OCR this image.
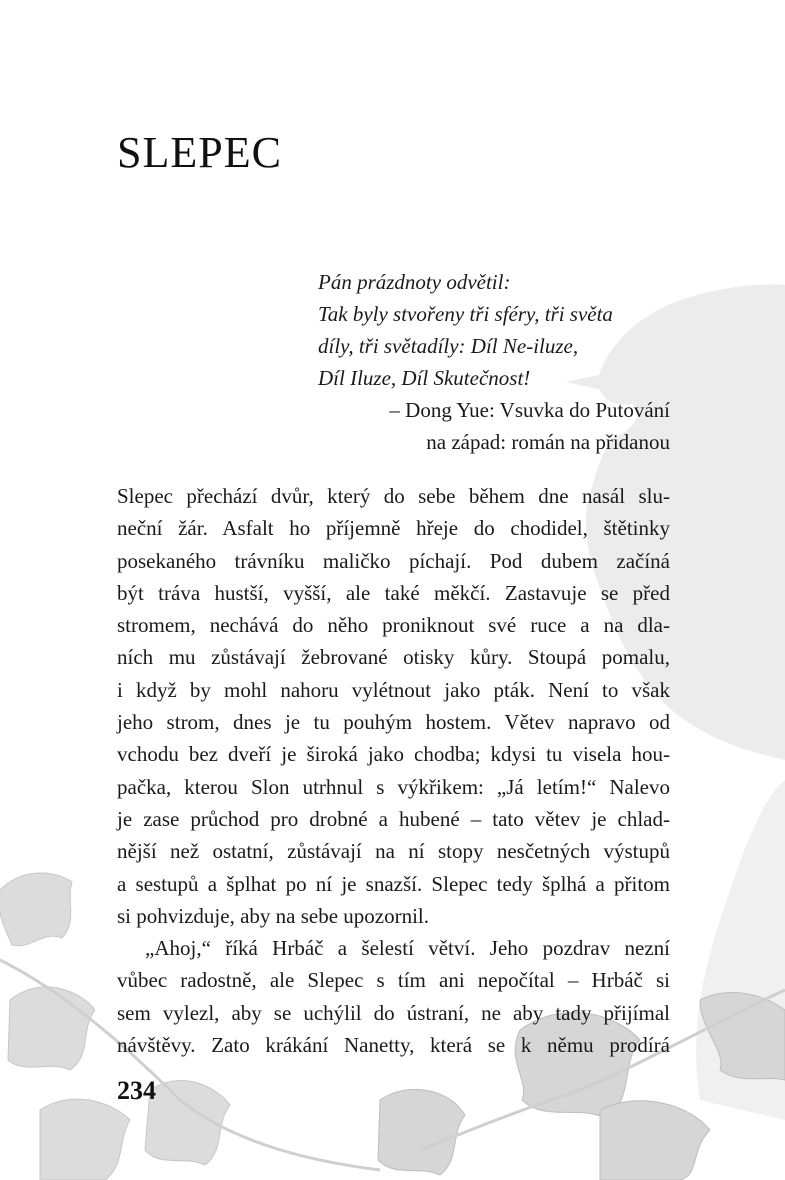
SLEPEC
Pán prázdnoty odvětil:
Tak byly stvořeny tři sféry, tři světa
díly, tři světadíly: Díl Ne-iluze,
Díl Iluze, Díl Skutečnost!
– Dong Yue: Vsuvka do Putování
na západ: román na přidanou
Slepec přechází dvůr, který do sebe během dne nasál slu-
neční žár. Asfalt ho příjemně hřeje do chodidel, štětinky
posekaného trávníku maličko píchají. Pod dubem začíná
být tráva hustší, vyšší, ale také měkčí. Zastavuje se před
stromem, nechává do něho proniknout své ruce a na dla-
ních mu zůstávají žebrované otisky kůry. Stoupá pomalu,
i když by mohl nahoru vylétnout jako pták. Není to však
jeho strom, dnes je tu pouhým hostem. Větev napravo od
vchodu bez dveří je široká jako chodba; kdysi tu visela hou-
pačka, kterou Slon utrhnul s výkřikem: „Já letím!“ Nalevo
je zase průchod pro drobné a hubené – tato větev je chlad-
nější než ostatní, zůstávají na ní stopy nesčetných výstupů
a sestupů a šplhat po ní je snazší. Slepec tedy šplhá a přitom
si pohvizduje, aby na sebe upozornil.
„Ahoj,“ říká Hrbáč a šelestí větví. Jeho pozdrav nezní
vůbec radostně, ale Slepec s tím ani nepočítal – Hrbáč si
sem vylezl, aby se uchýlil do ústraní, ne aby tady přijímal
návštěvy. Zato krákání Nanetty, která se k němu prodírá
234
